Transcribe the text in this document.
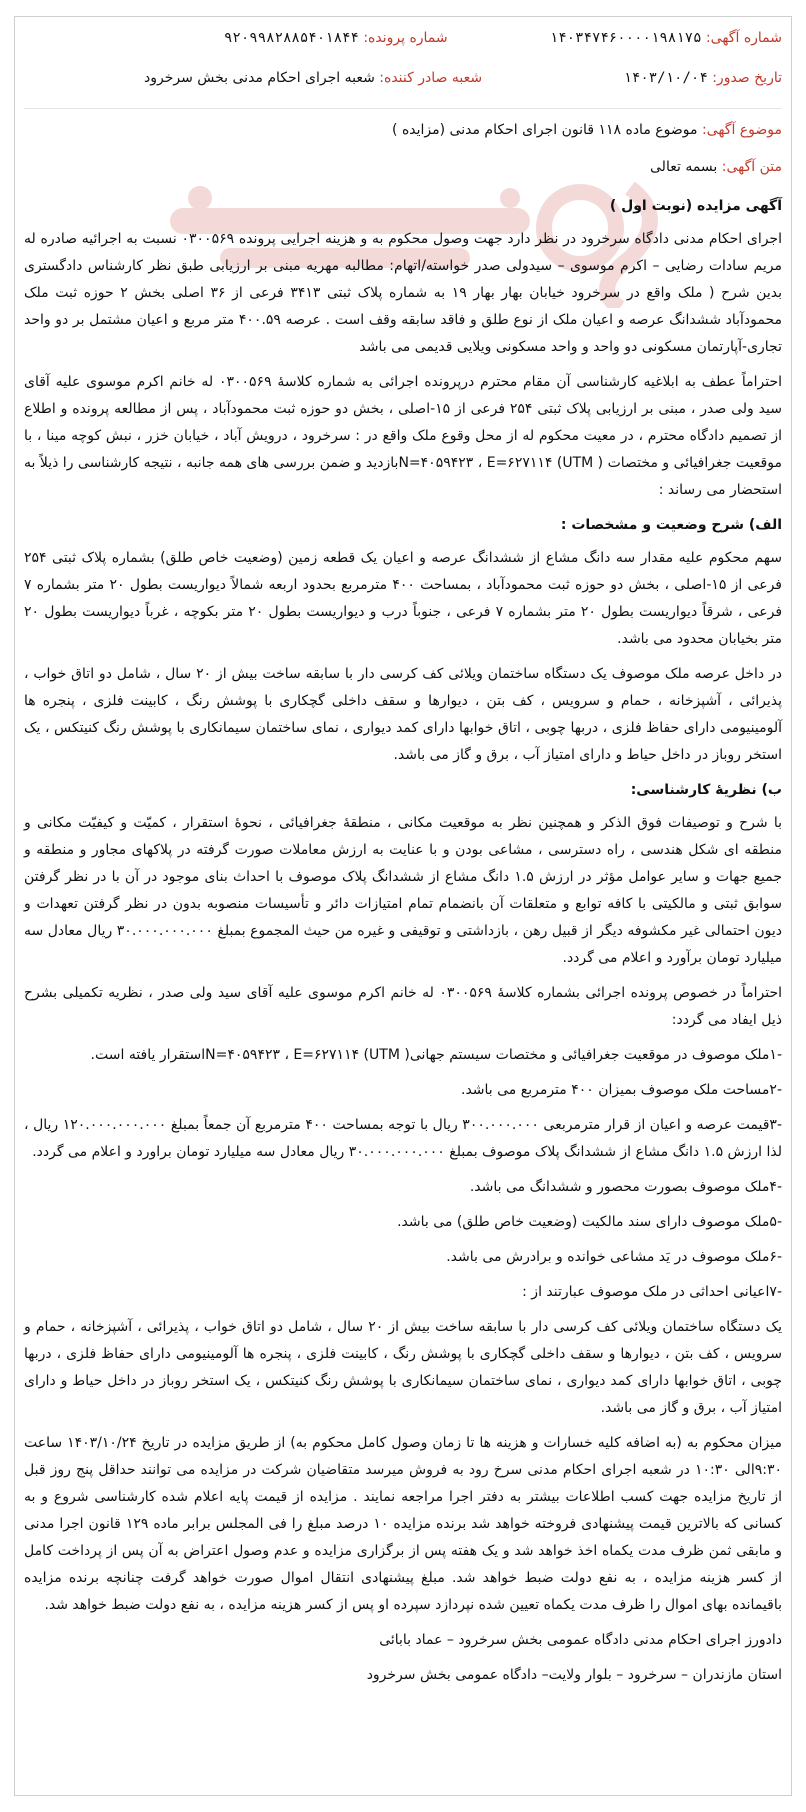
شماره آگهی: ۱۴۰۳۴۷۴۶۰۰۰۰۱۹۸۱۷۵
شماره پرونده: ۹۲۰۹۹۸۲۸۸۵۴۰۱۸۴۴
تاریخ صدور: ۱۴۰۳/۱۰/۰۴
شعبه صادر کننده: شعبه اجرای احکام مدنی بخش سرخرود
موضوع آگهی: موضوع ماده ۱۱۸ قانون اجرای احکام مدنی (مزایده )

متن آگهی: بسمه تعالی

آگهی مزایده (نوبت اول )

اجرای احکام مدنی دادگاه سرخرود در نظر دارد جهت وصول محکوم به و هزینه اجرایی پرونده ۰۳۰۰۵۶۹ نسبت به اجرائیه صادره له مریم سادات رضایی – اکرم موسوی – سیدولی صدر خواسته/اتهام: مطالبه مهریه مبنی بر ارزیابی طبق نظر کارشناس دادگستری بدین شرح ( ملک واقع در سرخرود خیابان بهار بهار ۱۹ به شماره پلاک ثبتی ۳۴۱۳ فرعی از ۳۶ اصلی بخش ۲ حوزه ثبت ملک محمودآباد ششدانگ عرصه و اعیان ملک از نوع طلق و فاقد سابقه وقف است . عرصه ۴۰۰.۵۹ متر مربع و اعیان مشتمل بر دو واحد تجاری-آپارتمان مسکونی دو واحد و واحد مسکونی ویلایی قدیمی می باشد

احتراماً عطف به ابلاغیه کارشناسی آن مقام محترم درپرونده اجرائی به شماره کلاسهٔ ۰۳۰۰۵۶۹ له خانم اکرم موسوی علیه آقای سید ولی صدر ، مبنی بر ارزیابی پلاک ثبتی ۲۵۴ فرعی از ۱۵-اصلی ، بخش دو حوزه ثبت محمودآباد ، پس از مطالعه پرونده و اطلاع از تصمیم دادگاه محترم ، در معیت محکوم له از محل وقوع ملک واقع در : سرخرود ، درویش آباد ، خیابان خزر ، نبش کوچه مینا ، با موقعیت جغرافیائی و مختصات ( N=۴۰۵۹۴۲۳ ، E=۶۲۷۱۱۴ (UTMبازدید و ضمن بررسی های همه جانبه ، نتیجه کارشناسی را ذیلاً به استحضار می رساند :

الف) شرح وضعیت و مشخصات :

سهم محکوم علیه مقدار سه دانگ مشاع از ششدانگ عرصه و اعیان یک قطعه زمین (وضعیت خاص طلق) بشماره پلاک ثبتی ۲۵۴ فرعی از ۱۵-اصلی ، بخش دو حوزه ثبت محمودآباد ، بمساحت ۴۰۰ مترمربع بحدود اربعه شمالاً دیواریست بطول ۲۰ متر بشماره ۷ فرعی ، شرقاً دیواریست بطول ۲۰ متر بشماره ۷ فرعی ، جنوباً درب و دیواریست بطول ۲۰ متر بکوچه ، غرباً دیواریست بطول ۲۰ متر بخیابان محدود می باشد.

در داخل عرصه ملک موصوف یک دستگاه ساختمان ویلائی کف کرسی دار با سابقه ساخت بیش از ۲۰ سال ، شامل دو اتاق خواب ، پذیرائی ، آشپزخانه ، حمام و سرویس ، کف بتن ، دیوارها و سقف داخلی گچکاری با پوشش رنگ ، کابینت فلزی ، پنجره ها آلومینیومی دارای حفاظ فلزی ، دربها چوبی ، اتاق خوابها دارای کمد دیواری ، نمای ساختمان سیمانکاری با پوشش رنگ کنیتکس ، یک استخر روباز در داخل حیاط و دارای امتیاز آب ، برق و گاز می باشد.

ب) نظریهٔ کارشناسی:

با شرح و توصیفات فوق الذکر و همچنین نظر به موقعیت مکانی ، منطقهٔ جغرافیائی ، نحوهٔ استقرار ، کمیّت و کیفیّت مکانی و منطقه ای شکل هندسی ، راه دسترسی ، مشاعی بودن و با عنایت به ارزش معاملات صورت گرفته در پلاکهای مجاور و منطقه و جمیع جهات و سایر عوامل مؤثر در ارزش ۱.۵ دانگ مشاع از ششدانگ پلاک موصوف با احداث بنای موجود در آن با در نظر گرفتن سوابق ثبتی و مالکیتی با کافه توابع و متعلقات آن بانضمام تمام امتیازات دائر و تأسیسات منصوبه بدون در نظر گرفتن تعهدات و دیون احتمالی غیر مکشوفه دیگر از قبیل رهن ، بازداشتی و توقیفی و غیره من حیث المجموع بمبلغ ۳۰.۰۰۰.۰۰۰.۰۰۰ ریال معادل سه میلیارد تومان برآورد و اعلام می گردد.

احتراماً در خصوص پرونده اجرائی بشماره کلاسهٔ ۰۳۰۰۵۶۹ له خانم اکرم موسوی علیه آقای سید ولی صدر ، نظریه تکمیلی بشرح ذیل ایفاد می گردد:

-۱ملک موصوف در موقعیت جغرافیائی و مختصات سیستم جهانی( N=۴۰۵۹۴۲۳ ، E=۶۲۷۱۱۴ (UTMاستقرار یافته است.

-۲مساحت ملک موصوف بمیزان ۴۰۰ مترمربع می باشد.

-۳قیمت عرصه و اعیان از قرار مترمربعی ۳۰۰.۰۰۰.۰۰۰ ریال با توجه بمساحت ۴۰۰ مترمربع آن جمعاً بمبلغ ۱۲۰.۰۰۰.۰۰۰.۰۰۰ ریال ، لذا ارزش ۱.۵ دانگ مشاع از ششدانگ پلاک موصوف بمبلغ ۳۰.۰۰۰.۰۰۰.۰۰۰ ریال معادل سه میلیارد تومان براورد و اعلام می گردد.

-۴ملک موصوف بصورت محصور و ششدانگ می باشد.

-۵ملک موصوف دارای سند مالکیت (وضعیت خاص طلق) می باشد.

-۶ملک موصوف در یَد مشاعی خوانده و برادرش می باشد.

-۷اعیانی احداثی در ملک موصوف عبارتند از :

یک دستگاه ساختمان ویلائی کف کرسی دار با سابقه ساخت بیش از ۲۰ سال ، شامل دو اتاق خواب ، پذیرائی ، آشپزخانه ، حمام و سرویس ، کف بتن ، دیوارها و سقف داخلی گچکاری با پوشش رنگ ، کابینت فلزی ، پنجره ها آلومینیومی دارای حفاظ فلزی ، دربها چوبی ، اتاق خوابها دارای کمد دیواری ، نمای ساختمان سیمانکاری با پوشش رنگ کنیتکس ، یک استخر روباز در داخل حیاط و دارای امتیاز آب ، برق و گاز می باشد.

میزان محکوم به (به اضافه کلیه خسارات و هزینه ها تا زمان وصول کامل محکوم به) از طریق مزایده در تاریخ ۱۴۰۳/۱۰/۲۴ ساعت ۹:۳۰الی ۱۰:۳۰ در شعبه اجرای احکام مدنی سرخ رود به فروش میرسد متقاضیان شرکت در مزایده می توانند حداقل پنج روز قبل از تاریخ مزایده جهت کسب اطلاعات بیشتر به دفتر اجرا مراجعه نمایند . مزایده از قیمت پایه اعلام شده کارشناسی شروع و به کسانی که بالاترین قیمت پیشنهادی فروخته خواهد شد برنده مزایده ۱۰ درصد مبلغ را فی المجلس برابر ماده ۱۲۹ قانون اجرا مدنی و مابقی ثمن ظرف مدت یکماه اخذ خواهد شد و یک هفته پس از برگزاری مزایده و عدم وصول اعتراض به آن پس از پرداخت کامل از کسر هزینه مزایده ، به نفع دولت ضبط خواهد شد. مبلغ پیشنهادی انتقال اموال صورت خواهد گرفت چنانچه برنده مزایده باقیمانده بهای اموال را ظرف مدت یکماه تعیین شده نپردازد سپرده او پس از کسر هزینه مزایده ، به نفع دولت ضبط خواهد شد.

دادورز اجرای احکام مدنی دادگاه عمومی بخش سرخرود – عماد بابائی

استان مازندران – سرخرود – بلوار ولایت– دادگاه عمومی بخش سرخرود
